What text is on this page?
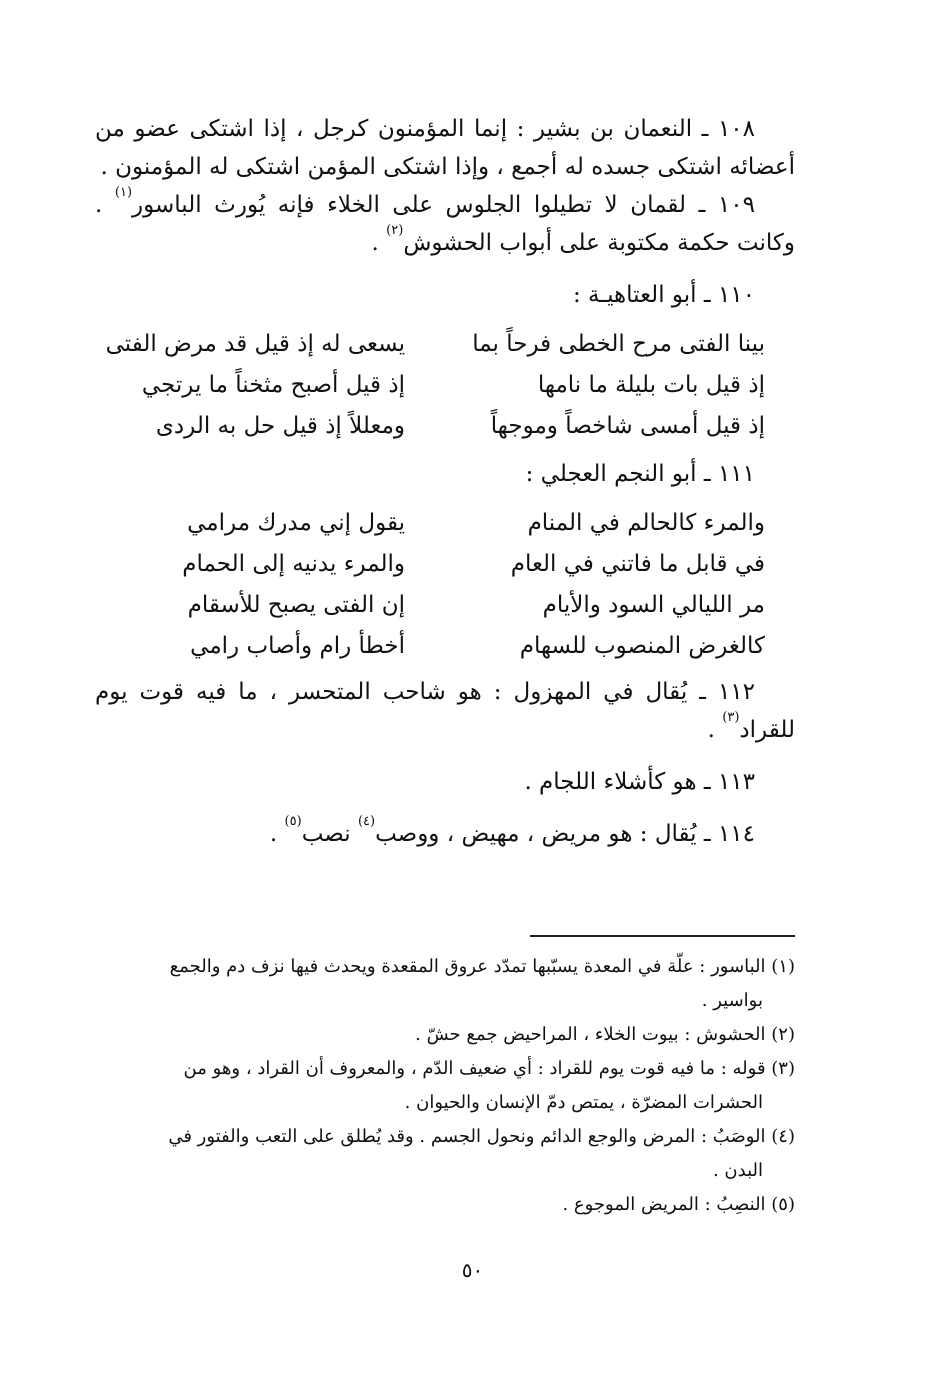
١٠٨ ـ النعمان بن بشير : إنما المؤمنون كرجل ، إذا اشتكى عضو من أعضائه اشتكى جسده له أجمع ، وإذا اشتكى المؤمن اشتكى له المؤمنون .

١٠٩ ـ لقمان لا تطيلوا الجلوس على الخلاء فإنه يُورث الباسور$^{(١)}$ . وكانت حكمة مكتوبة على أبواب الحشوش$^{(٢)}$ .

١١٠ ـ أبو العتاهيـة :

بينا الفتى مرح الخطى فرحاً بما
يسعى له إذ قيل قد مرض الفتى
إذ قيل بات بليلة ما نامها
إذ قيل أصبح مثخناً ما يرتجي
إذ قيل أمسى شاخصاً وموجهاً
ومعللاً إذ قيل حل به الردى

١١١ ـ أبو النجم العجلي :

والمرء كالحالم في المنام
يقول إني مدرك مرامي
في قابل ما فاتني في العام
والمرء يدنيه إلى الحمام
مر الليالي السود والأيام
إن الفتى يصبح للأسقام
كالغرض المنصوب للسهام
أخطأ رام وأصاب رامي

١١٢ ـ يُقال في المهزول : هو شاحب المتحسر ، ما فيه قوت يوم للقراد$^{(٣)}$ .

١١٣ ـ هو كأشلاء اللجام .

١١٤ ـ يُقال : هو مريض ، مهيض ، ووصب$^{(٤)}$ نصب$^{(٥)}$ .

(١) الباسور : علّة في المعدة يسبّبها تمدّد عروق المقعدة ويحدث فيها نزف دم والجمع
بواسير .

(٢) الحشوش : بيوت الخلاء ، المراحيض جمع حشّ .

(٣) قوله : ما فيه قوت يوم للقراد : أي ضعيف الدّم ، والمعروف أن القراد ، وهو من
الحشرات المضرّة ، يمتص دمّ الإنسان والحيوان .

(٤) الوصَبُ : المرض والوجع الدائم ونحول الجسم . وقد يُطلق على التعب والفتور في
البدن .

(٥) النصِبُ : المريض الموجوع .

٥٠
